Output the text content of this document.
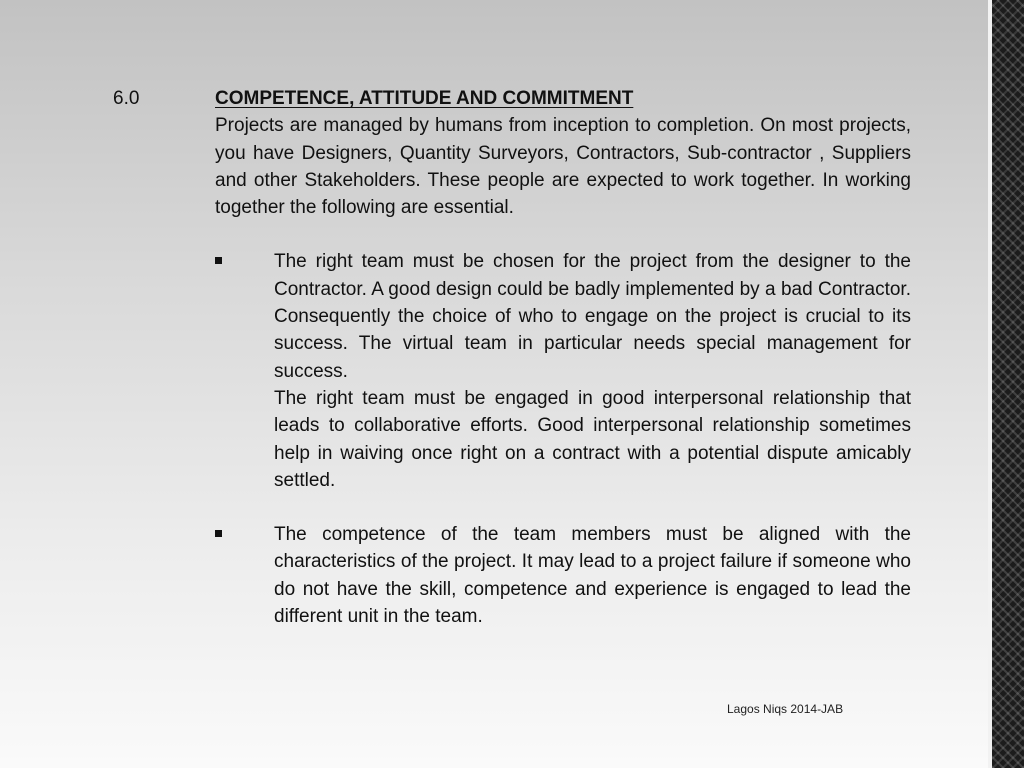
6.0	COMPETENCE, ATTITUDE AND COMMITMENT

Projects are managed by humans from inception to completion. On most projects, you have Designers, Quantity Surveyors, Contractors, Sub-contractor , Suppliers and other Stakeholders. These people are expected to work together. In working together the following are essential.

The right team must be chosen for the project from the designer to the Contractor. A good design could be badly implemented by a bad Contractor. Consequently the choice of who to engage on the project is crucial to its success. The virtual team in particular needs special management for success.

The right team must be engaged in good interpersonal relationship that leads to collaborative efforts. Good interpersonal relationship sometimes help in waiving once right on a contract with a potential dispute amicably settled.

The competence of the team members must be aligned with the characteristics of the project. It may lead to a project failure if someone who do not have the skill, competence and experience is engaged to lead the different unit in the team.

Lagos Niqs 2014-JAB
